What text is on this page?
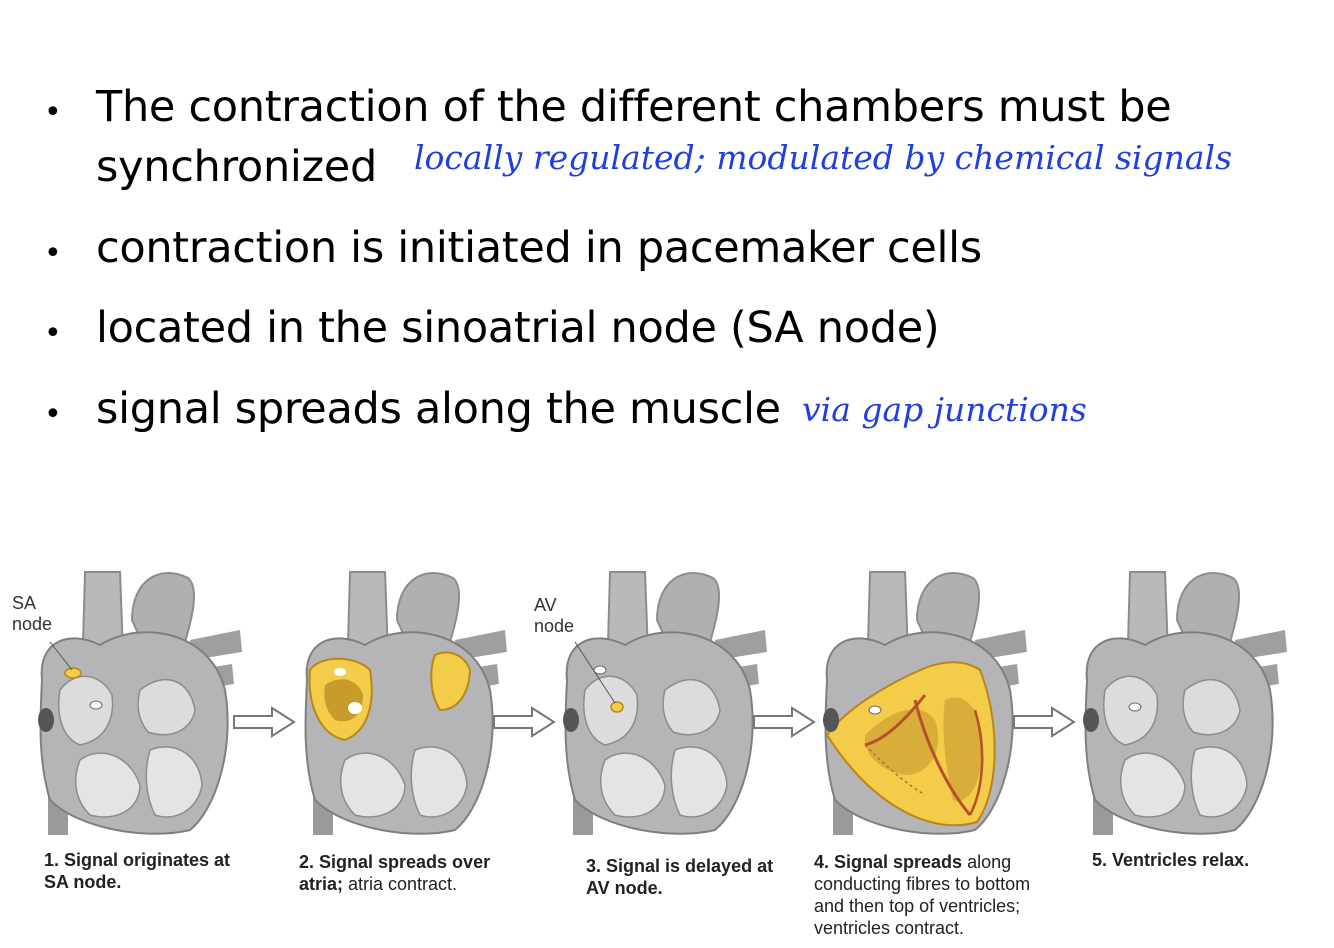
• The contraction of the different chambers must be
synchronized locally regulated; modulated by chemical signals
• contraction is initiated in pacemaker cells
• located in the sinoatrial node (SA node)
• signal spreads along the muscle via gap junctions
SA
node
AV
node
1. Signal originates at SA node.
2. Signal spreads over atria; atria contract.
3. Signal is delayed at AV node.
4. Signal spreads along conducting fibres to bottom and then top of ventricles; ventricles contract.
5. Ventricles relax.
